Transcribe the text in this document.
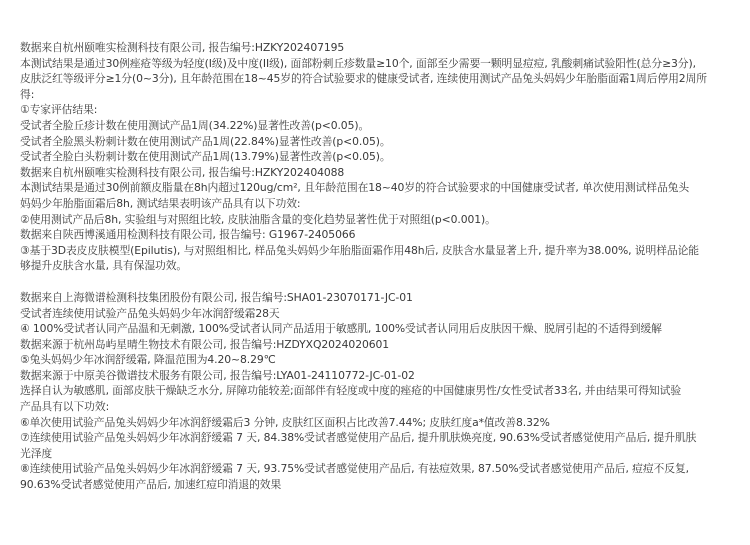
数据来自杭州颐唯实检测科技有限公司, 报告编号:HZKY202407195
本测试结果是通过30例痤疮等级为轻度(I级)及中度(II级), 面部粉刺丘疹数量≥10个, 面部至少需要一颗明显痘痘, 乳酸刺痛试验阳性(总分≥3分),
皮肤泛红等级评分≥1分(0~3分), 且年龄范围在18~45岁的符合试验要求的健康受试者, 连续使用测试产品兔头妈妈少年胎脂面霜1周后停用2周所
得:
①专家评估结果:
受试者全脸丘疹计数在使用测试产品1周(34.22%)显著性改善(p<0.05)。
受试者全脸黑头粉刺计数在使用测试产品1周(22.84%)显著性改善(p<0.05)。
受试者全脸白头粉刺计数在使用测试产品1周(13.79%)显著性改善(p<0.05)。
数据来自杭州颐唯实检测科技有限公司, 报告编号:HZKY202404088
本测试结果是通过30例前额皮脂量在8h内超过120ug/cm², 且年龄范围在18~40岁的符合试验要求的中国健康受试者, 单次使用测试样品兔头
妈妈少年胎脂面霜后8h, 测试结果表明该产品具有以下功效:
②使用测试产品后8h, 实验组与对照组比较, 皮肤油脂含量的变化趋势显著性优于对照组(p<0.001)。
数据来自陕西博溪通用检测科技有限公司, 报告编号: G1967-2405066
③基于3D表皮皮肤模型(Epilutis), 与对照组相比, 样品兔头妈妈少年胎脂面霜作用48h后, 皮肤含水量显著上升, 提升率为38.00%, 说明样品论能
够提升皮肤含水量, 具有保湿功效。
数据来自上海微谱检测科技集团股份有限公司, 报告编号:SHA01-23070171-JC-01
受试者连续使用试验产品兔头妈妈少年冰润舒缓霜28天
④ 100%受试者认同产品温和无刺激, 100%受试者认同产品适用于敏感肌, 100%受试者认同用后皮肤因干燥、脱屑引起的不适得到缓解
数据来源于杭州岛屿星晴生物技术有限公司, 报告编号:HZDYXQ2024020601
⑤兔头妈妈少年冰润舒缓霜, 降温范围为4.20~8.29℃
数据来源于中原美谷微谱技术服务有限公司, 报告编号:LYA01-24110772-JC-01-02
选择自认为敏感肌, 面部皮肤干燥缺乏水分, 屏障功能较差;面部伴有轻度或中度的痤疮的中国健康男性/女性受试者33名, 并由结果可得知试验
产品具有以下功效:
⑥单次使用试验产品兔头妈妈少年冰润舒缓霜后3 分钟, 皮肤红区面积占比改善7.44%; 皮肤红度a*值改善8.32%
⑦连续使用试验产品兔头妈妈少年冰润舒缓霜 7 天, 84.38%受试者感觉使用产品后, 提升肌肤焕亮度, 90.63%受试者感觉使用产品后, 提升肌肤
光泽度
⑧连续使用试验产品兔头妈妈少年冰润舒缓霜 7 天, 93.75%受试者感觉使用产品后, 有祛痘效果, 87.50%受试者感觉使用产品后, 痘痘不反复,
90.63%受试者感觉使用产品后, 加速红痘印消退的效果
